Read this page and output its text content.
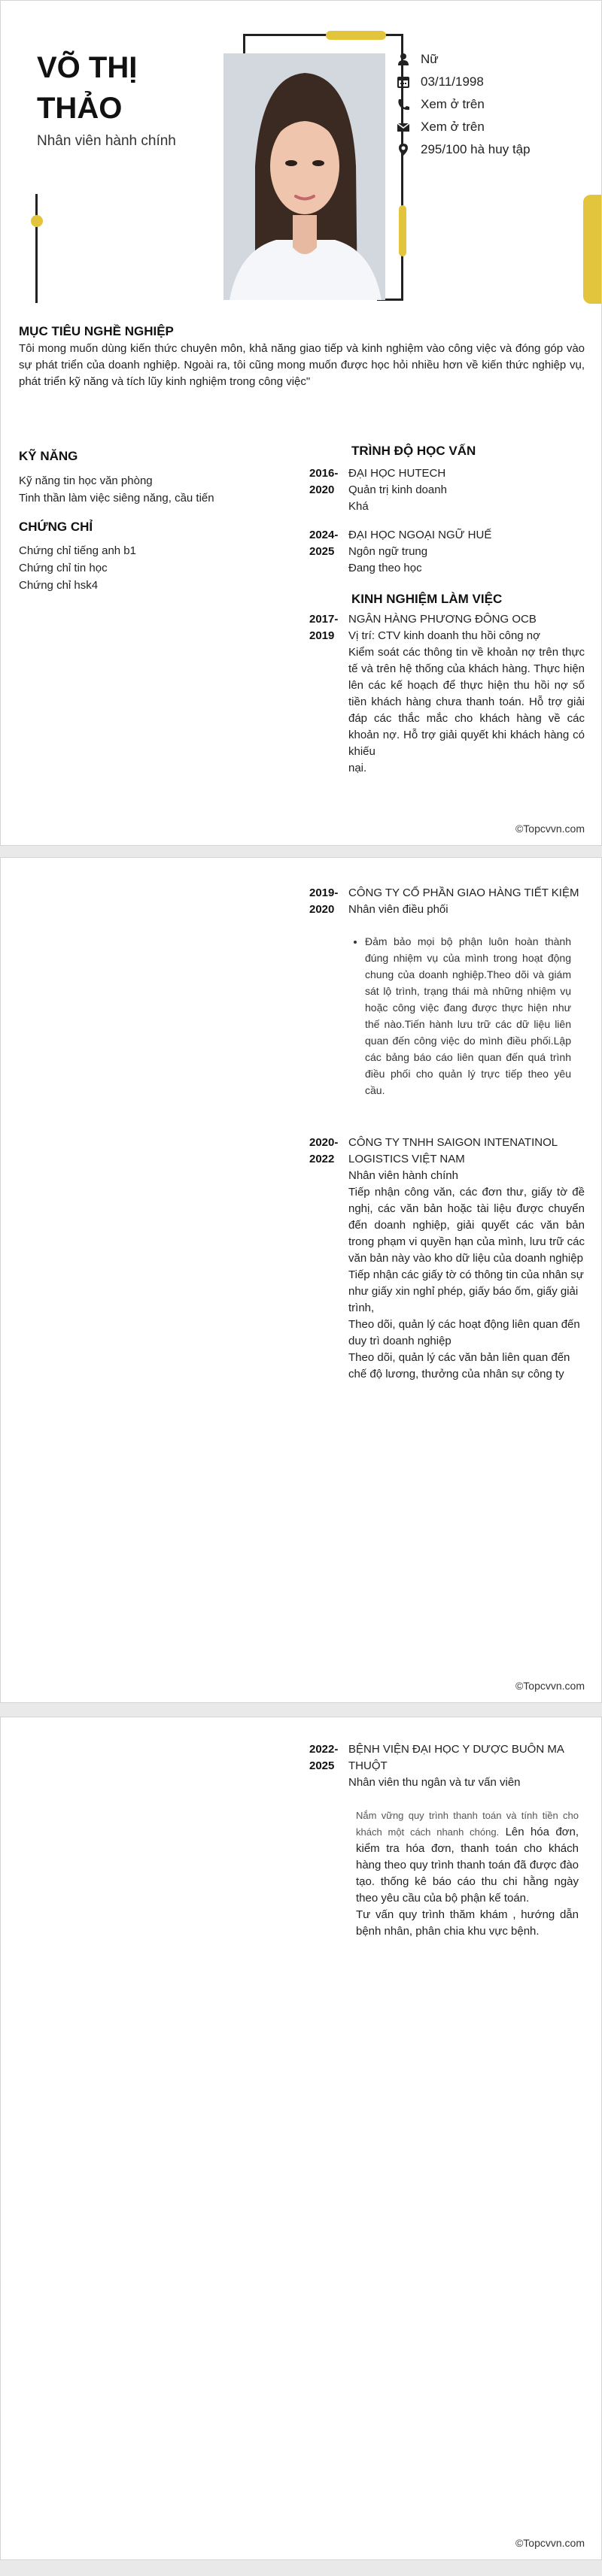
VÕ THỊ
THẢO
Nhân viên hành chính
Nữ
03/11/1998
Xem ở trên
Xem ở trên
295/100 hà huy tập
MỤC TIÊU NGHỀ NGHIỆP
Tôi mong muốn dùng kiến thức chuyên môn, khả năng giao tiếp và kinh nghiệm vào công việc và đóng góp vào sự phát triển của doanh nghiệp. Ngoài ra, tôi cũng mong muốn được học hỏi nhiều hơn về kiến thức nghiệp vụ, phát triển kỹ năng và tích lũy kinh nghiệm trong công việc"
KỸ NĂNG
Kỹ năng tin học văn phòng
Tinh thần làm việc siêng năng, cầu tiến
CHỨNG CHỈ
Chứng chỉ tiếng anh b1
Chứng chỉ tin học
Chứng chỉ hsk4
TRÌNH ĐỘ HỌC VẤN
2016-
2020
ĐẠI HỌC HUTECH
Quản trị kinh doanh
Khá
2024-
2025
ĐẠI HỌC NGOẠI NGỮ HUẾ
Ngôn ngữ trung
Đang theo học
KINH NGHIỆM LÀM VIỆC
2017-
2019
NGÂN HÀNG PHƯƠNG ĐÔNG OCB
Vị trí: CTV kinh doanh thu hồi công nợ
Kiểm soát các thông tin về khoản nợ trên thực tế và trên hệ thống của khách hàng. Thực hiện lên các kế hoạch để thực hiện thu hồi nợ số tiền khách hàng chưa thanh toán. Hỗ trợ giải đáp các thắc mắc cho khách hàng về các khoản nợ. Hỗ trợ giải quyết khi khách hàng có khiếu
nại.
©Topcvvn.com
2019-
2020
CÔNG TY CỔ PHẦN GIAO HÀNG TIẾT KIỆM
Nhân viên điều phối
• Đảm bảo mọi bộ phận luôn hoàn thành đúng nhiệm vụ của mình trong hoạt động chung của doanh nghiệp.Theo dõi và giám sát lộ trình, trạng thái mà những nhiệm vụ hoặc công việc đang được thực hiện như thế nào.Tiến hành lưu trữ các dữ liệu liên quan đến công việc do mình điều phối.Lập các bảng báo cáo liên quan đến quá trình điều phối cho quản lý trực tiếp theo yêu cầu.
2020-
2022
CÔNG TY TNHH SAIGON INTENATINOL LOGISTICS VIỆT NAM
Nhân viên hành chính
Tiếp nhận công văn, các đơn thư, giấy tờ đề nghị, các văn bản hoặc tài liệu được chuyển đến doanh nghiệp, giải quyết các văn bản trong phạm vi quyền hạn của mình, lưu trữ các văn bản này vào kho dữ liệu của doanh nghiệp
Tiếp nhận các giấy tờ có thông tin của nhân sự như giấy xin nghỉ phép, giấy báo ốm, giấy giải trình,
Theo dõi, quản lý các hoạt động liên quan đến duy trì doanh nghiệp
Theo dõi, quản lý các văn bản liên quan đến chế độ lương, thưởng của nhân sự công ty
©Topcvvn.com
2022-
2025
BỆNH VIỆN ĐẠI HỌC Y DƯỢC BUÔN MA THUỘT
Nhân viên thu ngân và tư vấn viên
Nắm vững quy trình thanh toán và tính tiền cho khách một cách nhanh chóng. Lên hóa đơn, kiểm tra hóa đơn, thanh toán cho khách hàng theo quy trình thanh toán đã được đào tạo. thống kê báo cáo thu chi hằng ngày theo yêu cầu của bộ phận kế toán.
Tư vấn quy trình thăm khám , hướng dẫn bệnh nhân, phân chia khu vực bệnh.
©Topcvvn.com
